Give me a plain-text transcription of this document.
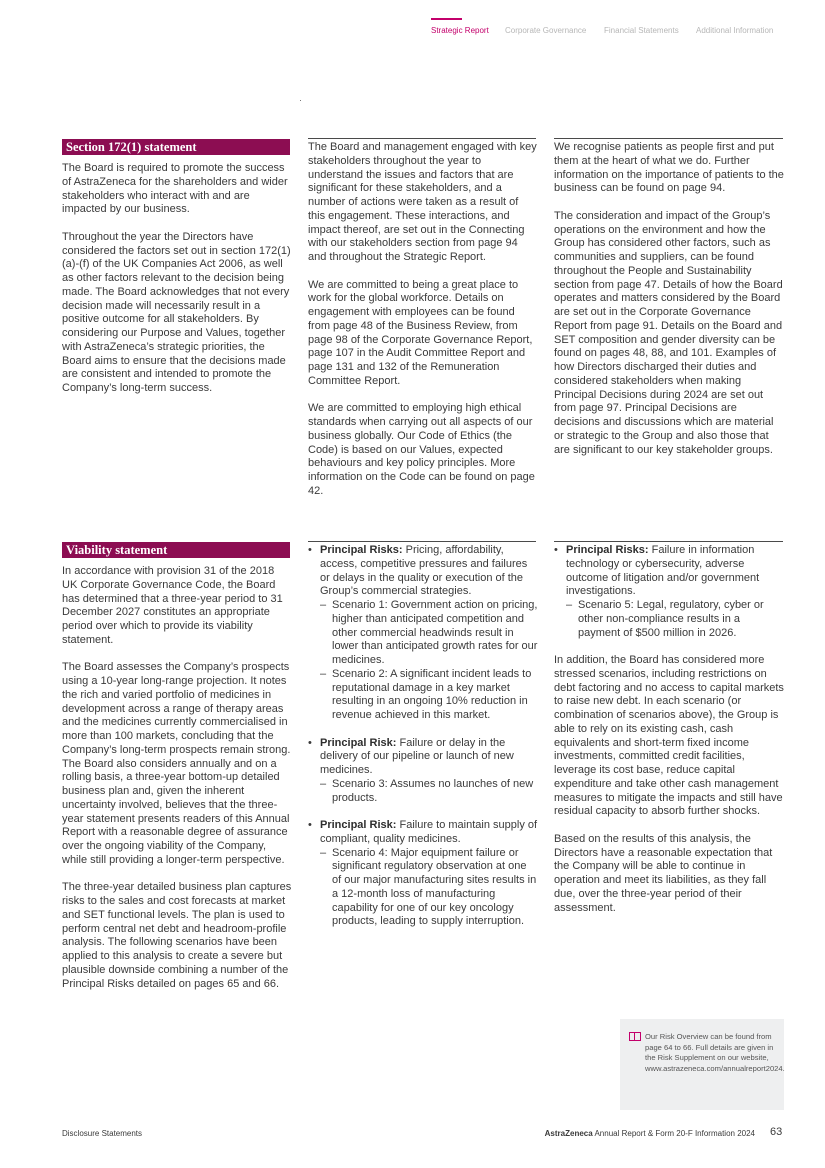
Strategic Report Corporate Governance Financial Statements Additional Information
Section 172(1) statement

The Board is required to promote the success of AstraZeneca for the shareholders and wider stakeholders who interact with and are impacted by our business.

Throughout the year the Directors have considered the factors set out in section 172(1) (a)-(f) of the UK Companies Act 2006, as well as other factors relevant to the decision being made. The Board acknowledges that not every decision made will necessarily result in a positive outcome for all stakeholders. By considering our Purpose and Values, together with AstraZeneca’s strategic priorities, the Board aims to ensure that the decisions made are consistent and intended to promote the Company’s long-term success.

The Board and management engaged with key stakeholders throughout the year to understand the issues and factors that are significant for these stakeholders, and a number of actions were taken as a result of this engagement. These interactions, and impact thereof, are set out in the Connecting with our stakeholders section from page 94 and throughout the Strategic Report.

We are committed to being a great place to work for the global workforce. Details on engagement with employees can be found from page 48 of the Business Review, from page 98 of the Corporate Governance Report, page 107 in the Audit Committee Report and page 131 and 132 of the Remuneration Committee Report.

We are committed to employing high ethical standards when carrying out all aspects of our business globally. Our Code of Ethics (the Code) is based on our Values, expected behaviours and key policy principles. More information on the Code can be found on page 42.

We recognise patients as people first and put them at the heart of what we do. Further information on the importance of patients to the business can be found on page 94.

The consideration and impact of the Group’s operations on the environment and how the Group has considered other factors, such as communities and suppliers, can be found throughout the People and Sustainability section from page 47. Details of how the Board operates and matters considered by the Board are set out in the Corporate Governance Report from page 91. Details on the Board and SET composition and gender diversity can be found on pages 48, 88, and 101. Examples of how Directors discharged their duties and considered stakeholders when making Principal Decisions during 2024 are set out from page 97. Principal Decisions are decisions and discussions which are material or strategic to the Group and also those that are significant to our key stakeholder groups.

Viability statement

In accordance with provision 31 of the 2018 UK Corporate Governance Code, the Board has determined that a three-year period to 31 December 2027 constitutes an appropriate period over which to provide its viability statement.

The Board assesses the Company’s prospects using a 10-year long-range projection. It notes the rich and varied portfolio of medicines in development across a range of therapy areas and the medicines currently commercialised in more than 100 markets, concluding that the Company’s long-term prospects remain strong. The Board also considers annually and on a rolling basis, a three-year bottom-up detailed business plan and, given the inherent uncertainty involved, believes that the three-year statement presents readers of this Annual Report with a reasonable degree of assurance over the ongoing viability of the Company, while still providing a longer-term perspective.

The three-year detailed business plan captures risks to the sales and cost forecasts at market and SET functional levels. The plan is used to perform central net debt and headroom-profile analysis. The following scenarios have been applied to this analysis to create a severe but plausible downside combining a number of the Principal Risks detailed on pages 65 and 66.

• Principal Risks: Pricing, affordability, access, competitive pressures and failures or delays in the quality or execution of the Group’s commercial strategies.
– Scenario 1: Government action on pricing, higher than anticipated competition and other commercial headwinds result in lower than anticipated growth rates for our medicines.
– Scenario 2: A significant incident leads to reputational damage in a key market resulting in an ongoing 10% reduction in revenue achieved in this market.
• Principal Risk: Failure or delay in the delivery of our pipeline or launch of new medicines.
– Scenario 3: Assumes no launches of new products.
• Principal Risk: Failure to maintain supply of compliant, quality medicines.
– Scenario 4: Major equipment failure or significant regulatory observation at one of our major manufacturing sites results in a 12-month loss of manufacturing capability for one of our key oncology products, leading to supply interruption.
• Principal Risks: Failure in information technology or cybersecurity, adverse outcome of litigation and/or government investigations.
– Scenario 5: Legal, regulatory, cyber or other non-compliance results in a payment of $500 million in 2026.

In addition, the Board has considered more stressed scenarios, including restrictions on debt factoring and no access to capital markets to raise new debt. In each scenario (or combination of scenarios above), the Group is able to rely on its existing cash, cash equivalents and short-term fixed income investments, committed credit facilities, leverage its cost base, reduce capital expenditure and take other cash management measures to mitigate the impacts and still have residual capacity to absorb further shocks.

Based on the results of this analysis, the Directors have a reasonable expectation that the Company will be able to continue in operation and meet its liabilities, as they fall due, over the three-year period of their assessment.

Our Risk Overview can be found from page 64 to 66. Full details are given in the Risk Supplement on our website, www.astrazeneca.com/annualreport2024.
Disclosure Statements	AstraZeneca Annual Report & Form 20-F Information 2024 63
